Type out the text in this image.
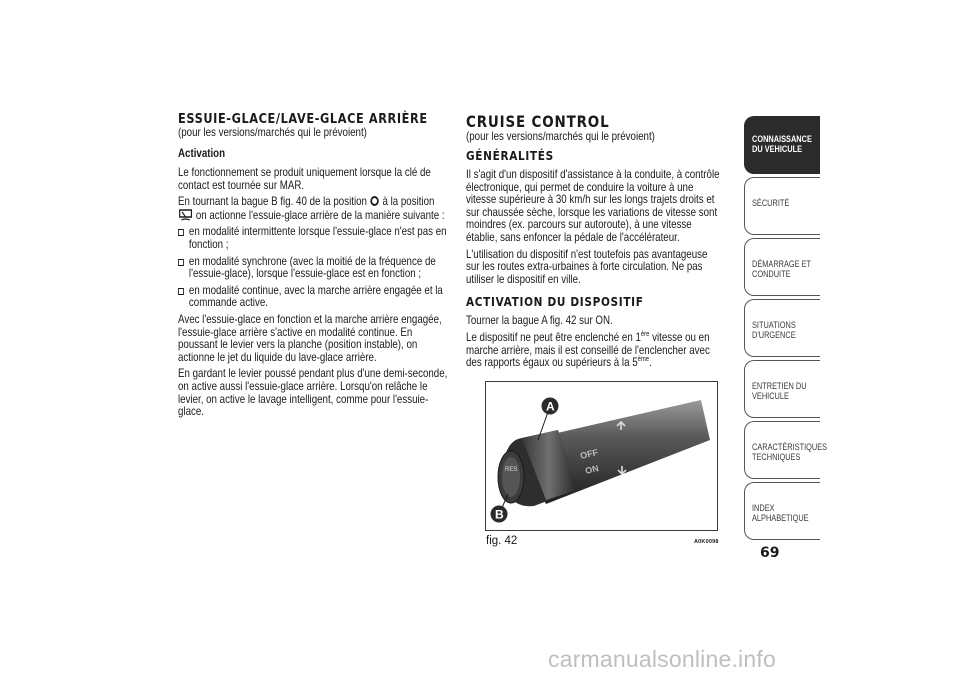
ESSUIE-GLACE/LAVE-GLACE ARRIÈRE
(pour les versions/marchés qui le prévoient)
Activation

Le fonctionnement se produit uniquement lorsque la clé de contact est tournée sur MAR.

En tournant la bague B fig. 40 de la position à la position  on actionne l'essuie-glace arrière de la manière suivante :

en modalité intermittente lorsque l'essuie-glace n'est pas en fonction ;
en modalité synchrone (avec la moitié de la fréquence de l'essuie-glace), lorsque l'essuie-glace est en fonction ;
en modalité continue, avec la marche arrière engagée et la commande active.

Avec l'essuie-glace en fonction et la marche arrière engagée, l'essuie-glace arrière s'active en modalité continue. En poussant le levier vers la planche (position instable), on actionne le jet du liquide du lave-glace arrière.

En gardant le levier poussé pendant plus d'une demi-seconde, on active aussi l'essuie-glace arrière. Lorsqu'on relâche le levier, on active le lavage intelligent, comme pour l'essuie-glace.

CRUISE CONTROL
(pour les versions/marchés qui le prévoient)
GÉNÉRALITÉS

Il s'agit d'un dispositif d'assistance à la conduite, à contrôle électronique, qui permet de conduire la voiture à une vitesse supérieure à 30 km/h sur les longs trajets droits et sur chaussée sèche, lorsque les variations de vitesse sont moindres (ex. parcours sur autoroute), à une vitesse établie, sans enfoncer la pédale de l'accélérateur.

L'utilisation du dispositif n'est toutefois pas avantageuse sur les routes extra-urbaines à forte circulation. Ne pas utiliser le dispositif en ville.

ACTIVATION DU DISPOSITIF

Tourner la bague A fig. 42 sur ON.

Le dispositif ne peut être enclenché en 1ère vitesse ou en marche arrière, mais il est conseillé de l'enclencher avec des rapports égaux ou supérieurs à la 5ème.

RES
OFF
ON
A
B
fig. 42	A0K0098
CONNAISSANCE DU VEHICULE
SÉCURITÉ
DÉMARRAGE ET CONDUITE
SITUATIONS D'URGENCE
ENTRETIEN DU VEHICULE
CARACTÉRISTIQUES TECHNIQUES
INDEX ALPHABETIQUE
69
carmanualsonline.info
